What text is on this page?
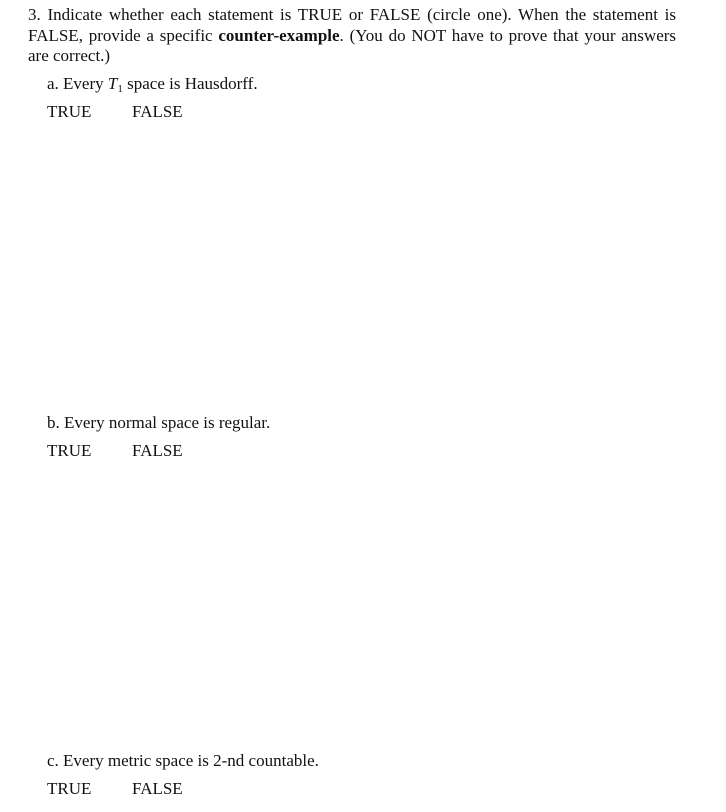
3. Indicate whether each statement is TRUE or FALSE (circle one). When the statement is FALSE, provide a specific counter-example. (You do NOT have to prove that your answers are correct.)

a. Every $T_1$ space is Hausdorff.

TRUE FALSE

b. Every normal space is regular.

TRUE FALSE

c. Every metric space is 2-nd countable.

TRUE FALSE
